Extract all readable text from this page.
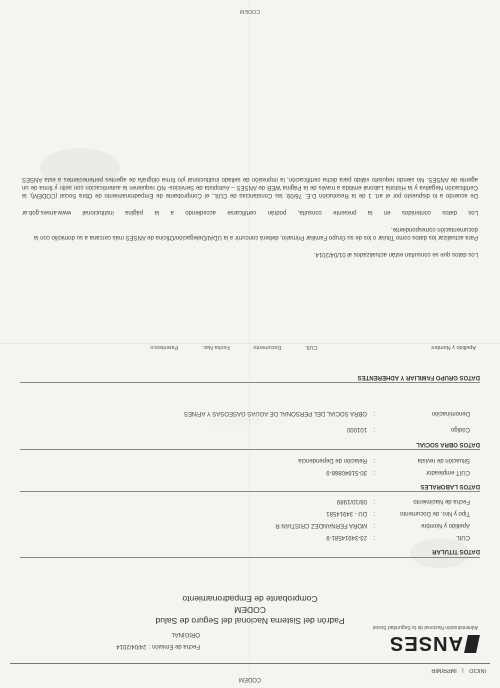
CODEM
INICIO | IMPRIMIR
ANSES
Administración Nacional de la Seguridad Social
Fecha de Emisión : 24/04/2014
ORIGINAL
Padrón del Sistema Nacional del Seguro de Salud
CODEM
Comprobante de Empadronamiento
DATOS TITULAR
CUIL:23-34914581-9
Apellido y Nombre:MORA FERNANDEZ CRISTIAN R
Tipo y Nro. de Documento:DU - 34914581
Fecha de Nacimiento:08/10/1989
DATOS LABORALES
CUIT empleador:30-51840868-9
Situación de revista:Relación de Dependencia
DATOS OBRA SOCIAL
Código:101000
Denominación:OBRA SOCIAL DEL PERSONAL DE AGUAS GASEOSAS Y AFINES
▒▒▒▒▒▒▒▒▒▒▒▒
DATOS GRUPO FAMILIAR Y ADHERENTES
Apellido y Nombre CUIL Documento Fecha Nac. Parentesco

Los datos que se consultan están actualizados al 01/04/2014.

Para actualizar los datos como Titular o los de su Grupo Familiar Primario, deberá concurrir a la UDAI/Delegación/Oficina de ANSES más cercana a su domicilio con la documentación correspondiente.

Los datos contenidos en la presente consulta, podrán certificarse accediendo a la página institucional www.anses.gob.ar

De acuerdo a lo dispuesto por el art. 1 de la Resolución D.E. 76/09, las Constancias de CUIL, el Comprobante de Empadronamiento de Obra Social (CODEM), la Certificación Negativa y la Historia Laboral emitida a través de la Página WEB de ANSES – Autopista de Servicios- NO requieren la autenticación con sello y firma de un agente de ANSES. No siendo requisito válido para dicha certificación, la impresión de sellado institucional y/o firma ológrafa de agentes pertenecientes a esta ANSES

CODEM
